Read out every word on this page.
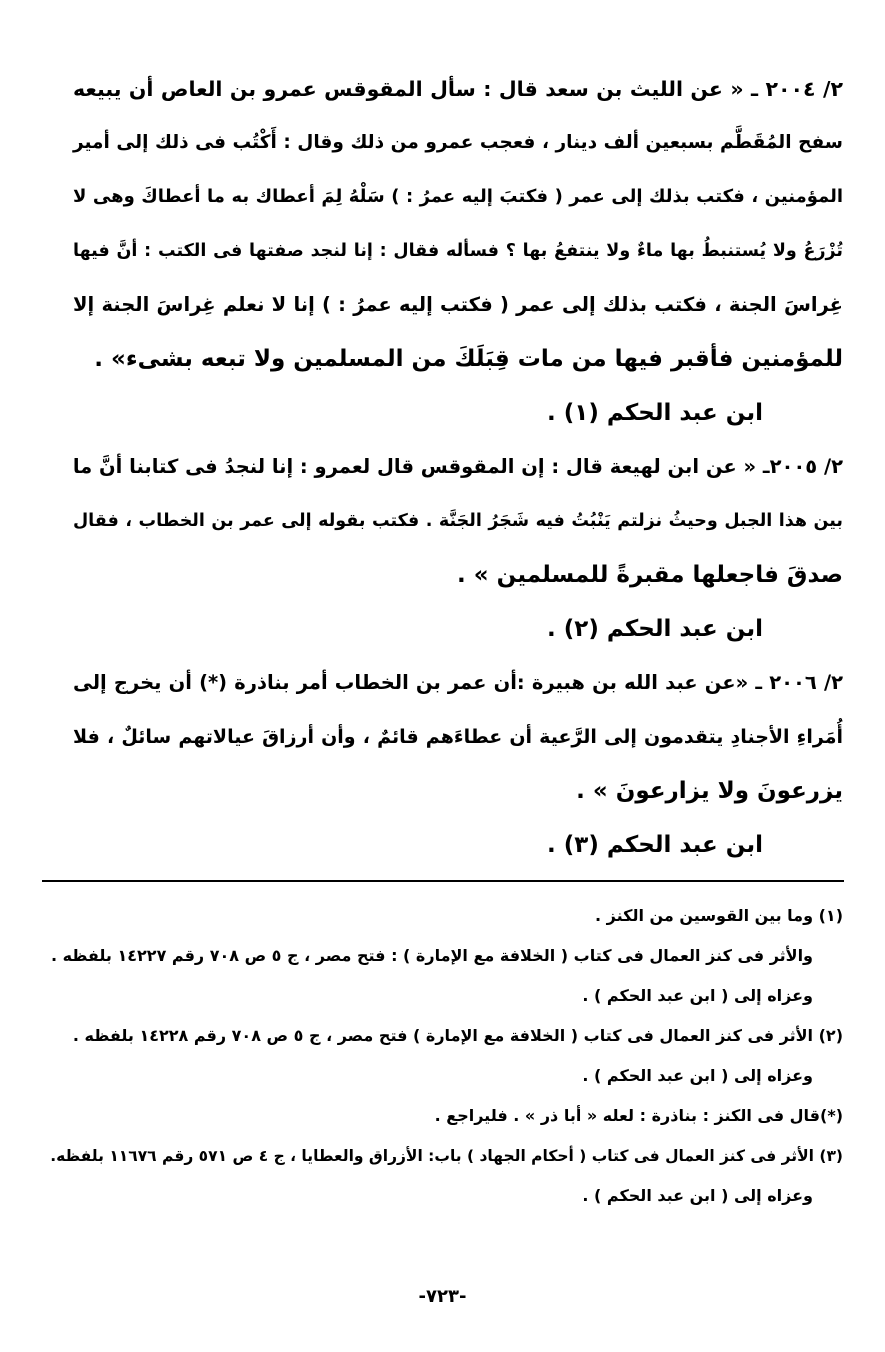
٢/ ٢٠٠٤ ـ « عن الليث بن سعد قال : سأل المقوقس عمرو بن العاص أن يبيعه
سفح المُقَطَّم بسبعين ألف دينار ، فعجب عمرو من ذلك وقال : أَكْتُب فى ذلك إلى أمير
المؤمنين ، فكتب بذلك إلى عمر ( فكتبَ إليه عمرُ : ) سَلْهُ لِمَ أعطاك به ما أعطاكَ وهى لا
تُزْرَعُ ولا يُستنبطُ بها ماءٌ ولا ينتفعُ بها ؟ فسأله فقال : إنا لنجد صفتها فى الكتب : أنَّ فيها
غِراسَ الجنة ، فكتب بذلك إلى عمر ( فكتب إليه عمرُ : ) إنا لا نعلم غِراسَ الجنة إلا
للمؤمنين فأقبر فيها من مات قِبَلَكَ من المسلمين ولا تبعه بشىء» .
ابن عبد الحكم (١) .
٢/ ٢٠٠٥ـ « عن ابن لهيعة قال : إن المقوقس قال لعمرو : إنا لنجدُ فى كتابنا أنَّ ما
بين هذا الجبل وحيثُ نزلتم يَنْبُتُ فيه شَجَرُ الجَنَّة . فكتب بقوله إلى عمر بن الخطاب ، فقال
صدقَ فاجعلها مقبرةً للمسلمين » .
ابن عبد الحكم (٢) .
٢/ ٢٠٠٦ ـ «عن عبد الله بن هبيرة :أن عمر بن الخطاب أمر بناذرة (*) أن يخرج إلى
أُمَراءِ الأجنادِ يتقدمون إلى الرَّعية أن عطاءَهم قائمٌ ، وأن أرزاقَ عيالاتهم سائلٌ ، فلا
يزرعونَ ولا يزارعونَ » .
ابن عبد الحكم (٣) .
(١) وما بين القوسين من الكنز .
والأثر فى كنز العمال فى كتاب ( الخلافة مع الإمارة ) : فتح مصر ، ج ٥ ص ٧٠٨ رقم ١٤٢٢٧ بلفظه .
وعزاه إلى ( ابن عبد الحكم ) .
(٢) الأثر فى كنز العمال فى كتاب ( الخلافة مع الإمارة ) فتح مصر ، ج ٥ ص ٧٠٨ رقم ١٤٢٢٨ بلفظه .
وعزاه إلى ( ابن عبد الحكم ) .
(*)قال فى الكنز : بناذرة : لعله « أبا ذر » . فليراجع .
(٣) الأثر فى كنز العمال فى كتاب ( أحكام الجهاد ) باب: الأزراق والعطايا ، ج ٤ ص ٥٧١ رقم ١١٦٧٦ بلفظه.
وعزاه إلى ( ابن عبد الحكم ) .
-٧٢٣-
